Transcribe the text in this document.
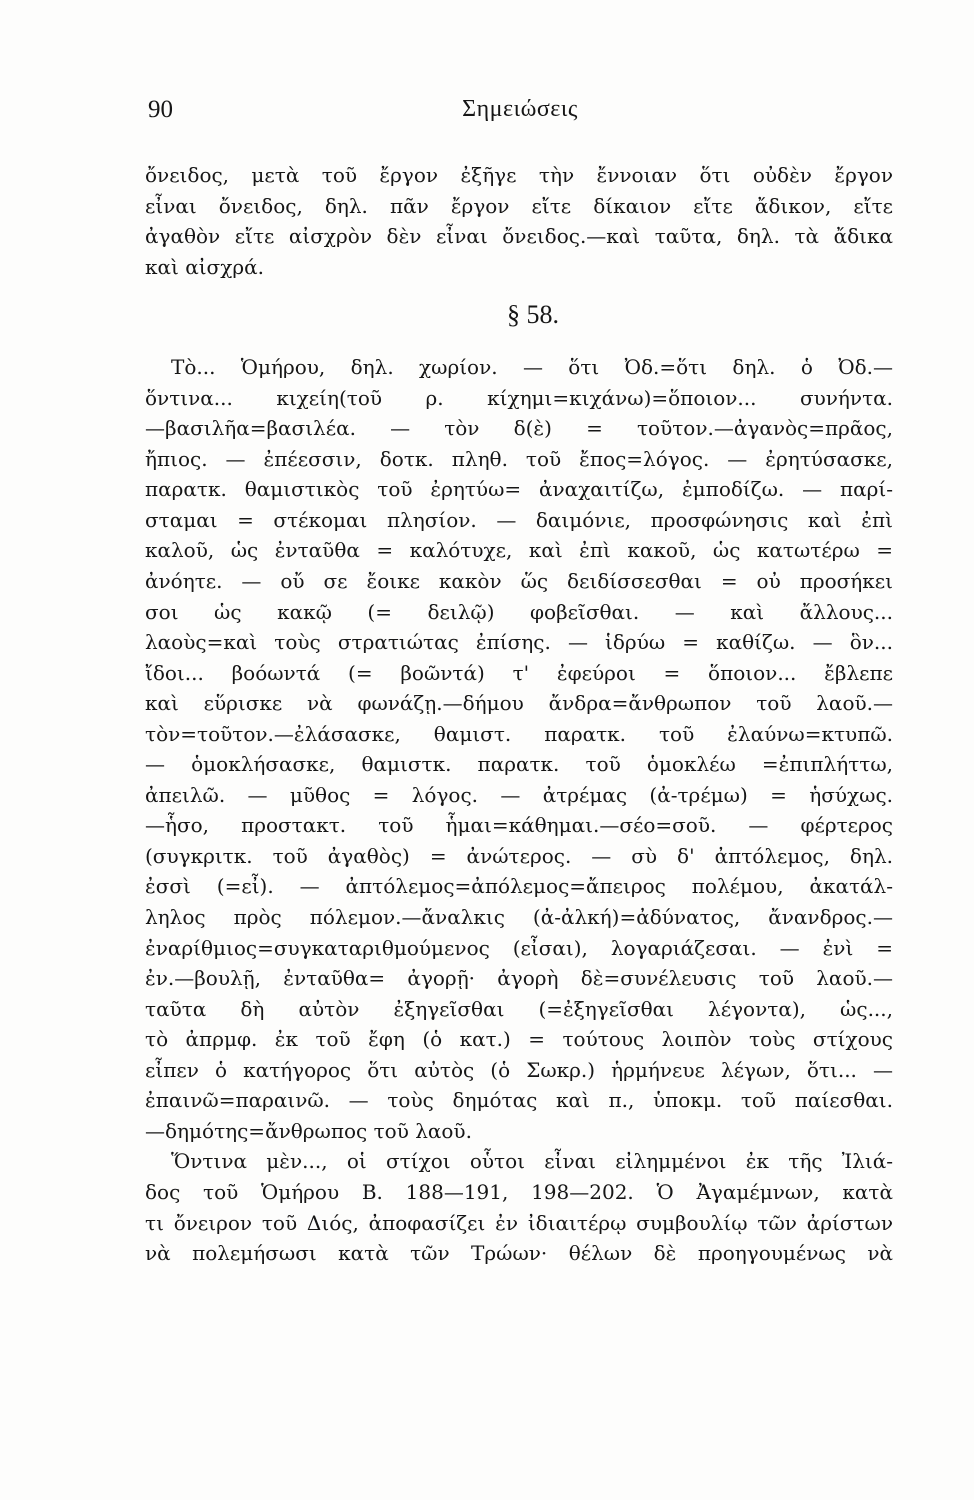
90	Σημειώσεις
ὄνειδος, μετὰ τοῦ ἔργον ἐξῆγε τὴν ἔννοιαν ὅτι οὐδὲν ἔργον
εἶναι ὄνειδος, δηλ. πᾶν ἔργον εἴτε δίκαιον εἴτε ἄδικον, εἴτε
ἀγαθὸν εἴτε αἰσχρὸν δὲν εἶναι ὄνειδος.—καὶ ταῦτα, δηλ. τὰ ἄδικα
καὶ αἰσχρά.
§ 58.
Τὸ... Ὁμήρου, δηλ. χωρίον. — ὅτι Ὀδ.=ὅτι δηλ. ὁ Ὀδ.—
ὅντινα... κιχείη(τοῦ ρ. κίχημι=κιχάνω)=ὅποιον... συνήντα.
—βασιλῆα=βασιλέα. — τὸν δ(ὲ) = τοῦτον.—ἀγανὸς=πρᾶος,
ἤπιος. — ἐπέεσσιν, δοτκ. πληθ. τοῦ ἔπος=λόγος. — ἐρητύσασκε,
παρατκ. θαμιστικὸς τοῦ ἐρητύω= ἀναχαιτίζω, ἐμποδίζω. — παρί-
σταμαι = στέκομαι πλησίον. — δαιμόνιε, προσφώνησις καὶ ἐπὶ
καλοῦ, ὡς ἐνταῦθα = καλότυχε, καὶ ἐπὶ κακοῦ, ὡς κατωτέρω =
ἀνόητε. — οὔ σε ἔοικε κακὸν ὥς δειδίσσεσθαι = οὐ προσήκει
σοι ὡς κακῷ (= δειλῷ) φοβεῖσθαι. — καὶ ἄλλους...
λαοὺς=καὶ τοὺς στρατιώτας ἐπίσης. — ἱδρύω = καθίζω. — ὃν...
ἴδοι... βοόωντά (= βοῶντά) τ' ἐφεύροι = ὅποιον... ἔβλεπε
καὶ εὕρισκε νὰ φωνάζῃ.—δήμου ἄνδρα=ἄνθρωπον τοῦ λαοῦ.—
τὸν=τοῦτον.—ἐλάσασκε, θαμιστ. παρατκ. τοῦ ἐλαύνω=κτυπῶ.
— ὁμοκλήσασκε, θαμιστκ. παρατκ. τοῦ ὁμοκλέω =ἐπιπλήττω,
ἀπειλῶ. — μῦθος = λόγος. — ἀτρέμας (ἀ-τρέμω) = ἡσύχως.
—ἧσο, προστακτ. τοῦ ἧμαι=κάθημαι.—σέο=σοῦ. — φέρτερος
(συγκριτκ. τοῦ ἀγαθὸς) = ἀνώτερος. — σὺ δ' ἀπτόλεμος, δηλ.
ἐσσὶ (=εἶ). — ἀπτόλεμος=ἀπόλεμος=ἄπειρος πολέμου, ἀκατάλ-
ληλος πρὸς πόλεμον.—ἄναλκις (ἀ-ἀλκή)=ἀδύνατος, ἄνανδρος.—
ἐναρίθμιος=συγκαταριθμούμενος (εἶσαι), λογαριάζεσαι. — ἐνὶ =
ἐν.—βουλῇ, ἐνταῦθα= ἀγορῇ· ἀγορὴ δὲ=συνέλευσις τοῦ λαοῦ.—
ταῦτα δὴ αὐτὸν ἐξηγεῖσθαι (=ἐξηγεῖσθαι λέγοντα), ὡς...,
τὸ ἀπρμφ. ἐκ τοῦ ἔφη (ὁ κατ.) = τούτους λοιπὸν τοὺς στίχους
εἶπεν ὁ κατήγορος ὅτι αὐτὸς (ὁ Σωκρ.) ἡρμήνευε λέγων, ὅτι... —
ἐπαινῶ=παραινῶ. — τοὺς δημότας καὶ π., ὑποκμ. τοῦ παίεσθαι.
—δημότης=ἄνθρωπος τοῦ λαοῦ.
Ὅντινα μὲν..., οἱ στίχοι οὗτοι εἶναι εἰλημμένοι ἐκ τῆς Ἰλιά-
δος τοῦ Ὁμήρου Β. 188—191, 198—202. Ὁ Ἀγαμέμνων, κατὰ
τι ὄνειρον τοῦ Διός, ἀποφασίζει ἐν ἰδιαιτέρῳ συμβουλίῳ τῶν ἀρίστων
νὰ πολεμήσωσι κατὰ τῶν Τρώων· θέλων δὲ προηγουμένως νὰ
